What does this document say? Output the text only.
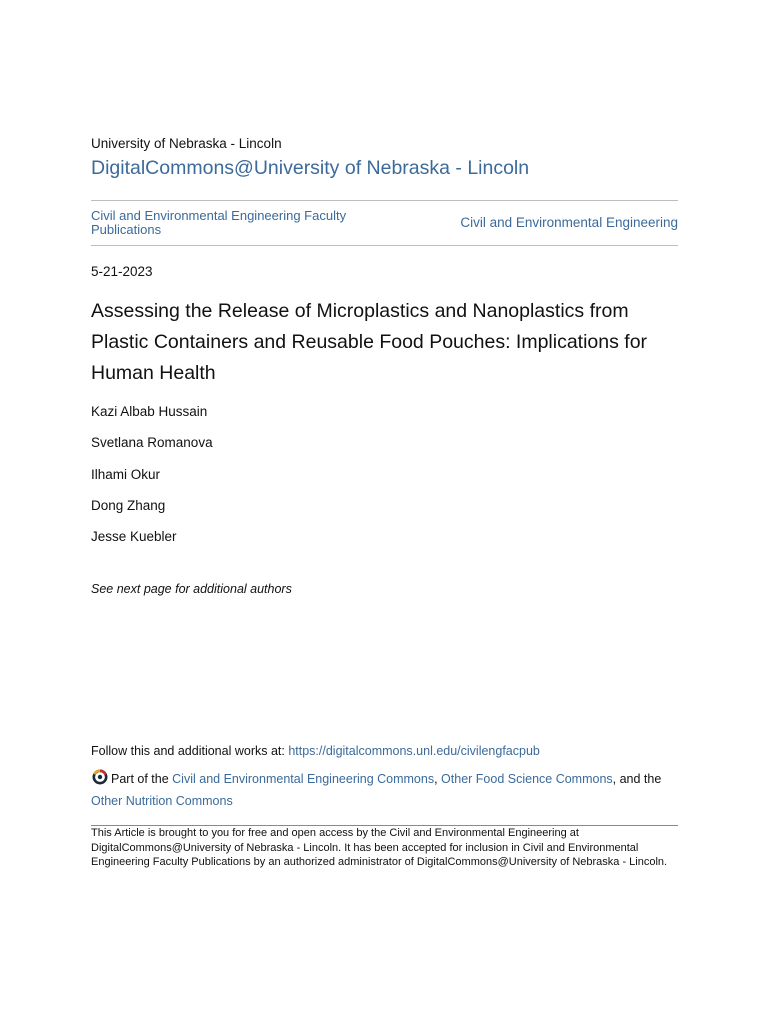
University of Nebraska - Lincoln
DigitalCommons@University of Nebraska - Lincoln
Civil and Environmental Engineering Faculty Publications	Civil and Environmental Engineering
5-21-2023
Assessing the Release of Microplastics and Nanoplastics from Plastic Containers and Reusable Food Pouches: Implications for Human Health
Kazi Albab Hussain
Svetlana Romanova
Ilhami Okur
Dong Zhang
Jesse Kuebler
See next page for additional authors
Follow this and additional works at: https://digitalcommons.unl.edu/civilengfacpub
Part of the Civil and Environmental Engineering Commons, Other Food Science Commons, and the
Other Nutrition Commons
This Article is brought to you for free and open access by the Civil and Environmental Engineering at DigitalCommons@University of Nebraska - Lincoln. It has been accepted for inclusion in Civil and Environmental Engineering Faculty Publications by an authorized administrator of DigitalCommons@University of Nebraska - Lincoln.
